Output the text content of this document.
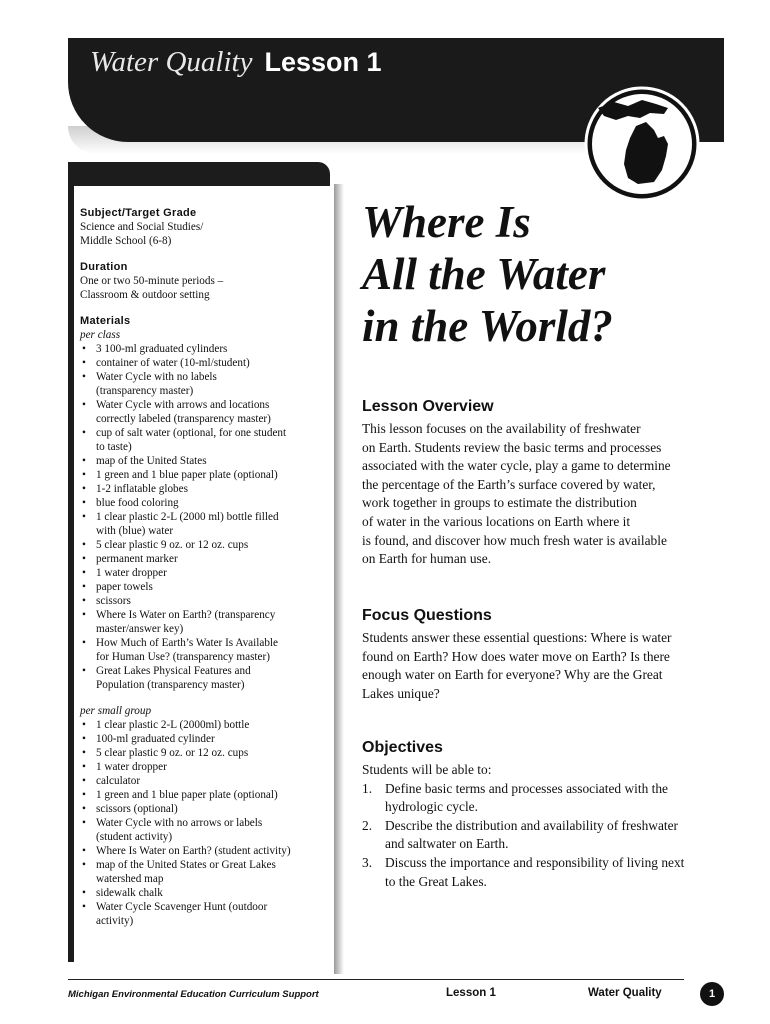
Water Quality Lesson 1
Subject/Target Grade
Science and Social Studies/
Middle School (6-8)
Duration
One or two 50-minute periods –
Classroom & outdoor setting
Materials
per class
• 3 100-ml graduated cylinders
• container of water (10-ml/student)
• Water Cycle with no labels
(transparency master)
• Water Cycle with arrows and locations
correctly labeled (transparency master)
• cup of salt water (optional, for one student
to taste)
• map of the United States
• 1 green and 1 blue paper plate (optional)
• 1-2 inflatable globes
• blue food coloring
• 1 clear plastic 2-L (2000 ml) bottle filled
with (blue) water
• 5 clear plastic 9 oz. or 12 oz. cups
• permanent marker
• 1 water dropper
• paper towels
• scissors
• Where Is Water on Earth? (transparency
master/answer key)
• How Much of Earth’s Water Is Available
for Human Use? (transparency master)
• Great Lakes Physical Features and
Population (transparency master)
per small group
• 1 clear plastic 2-L (2000ml) bottle
• 100-ml graduated cylinder
• 5 clear plastic 9 oz. or 12 oz. cups
• 1 water dropper
• calculator
• 1 green and 1 blue paper plate (optional)
• scissors (optional)
• Water Cycle with no arrows or labels
(student activity)
• Where Is Water on Earth? (student activity)
• map of the United States or Great Lakes
watershed map
• sidewalk chalk
• Water Cycle Scavenger Hunt (outdoor
activity)
Where Is
All the Water
in the World?
Lesson Overview
This lesson focuses on the availability of freshwater
on Earth. Students review the basic terms and processes
associated with the water cycle, play a game to determine
the percentage of the Earth’s surface covered by water,
work together in groups to estimate the distribution
of water in the various locations on Earth where it
is found, and discover how much fresh water is available
on Earth for human use.
Focus Questions
Students answer these essential questions: Where is water
found on Earth? How does water move on Earth? Is there
enough water on Earth for everyone? Why are the Great
Lakes unique?
Objectives
Students will be able to:
1. Define basic terms and processes associated with the
hydrologic cycle.
2. Describe the distribution and availability of freshwater
and saltwater on Earth.
3. Discuss the importance and responsibility of living next
to the Great Lakes.
Michigan Environmental Education Curriculum Support	Lesson 1	Water Quality	1
